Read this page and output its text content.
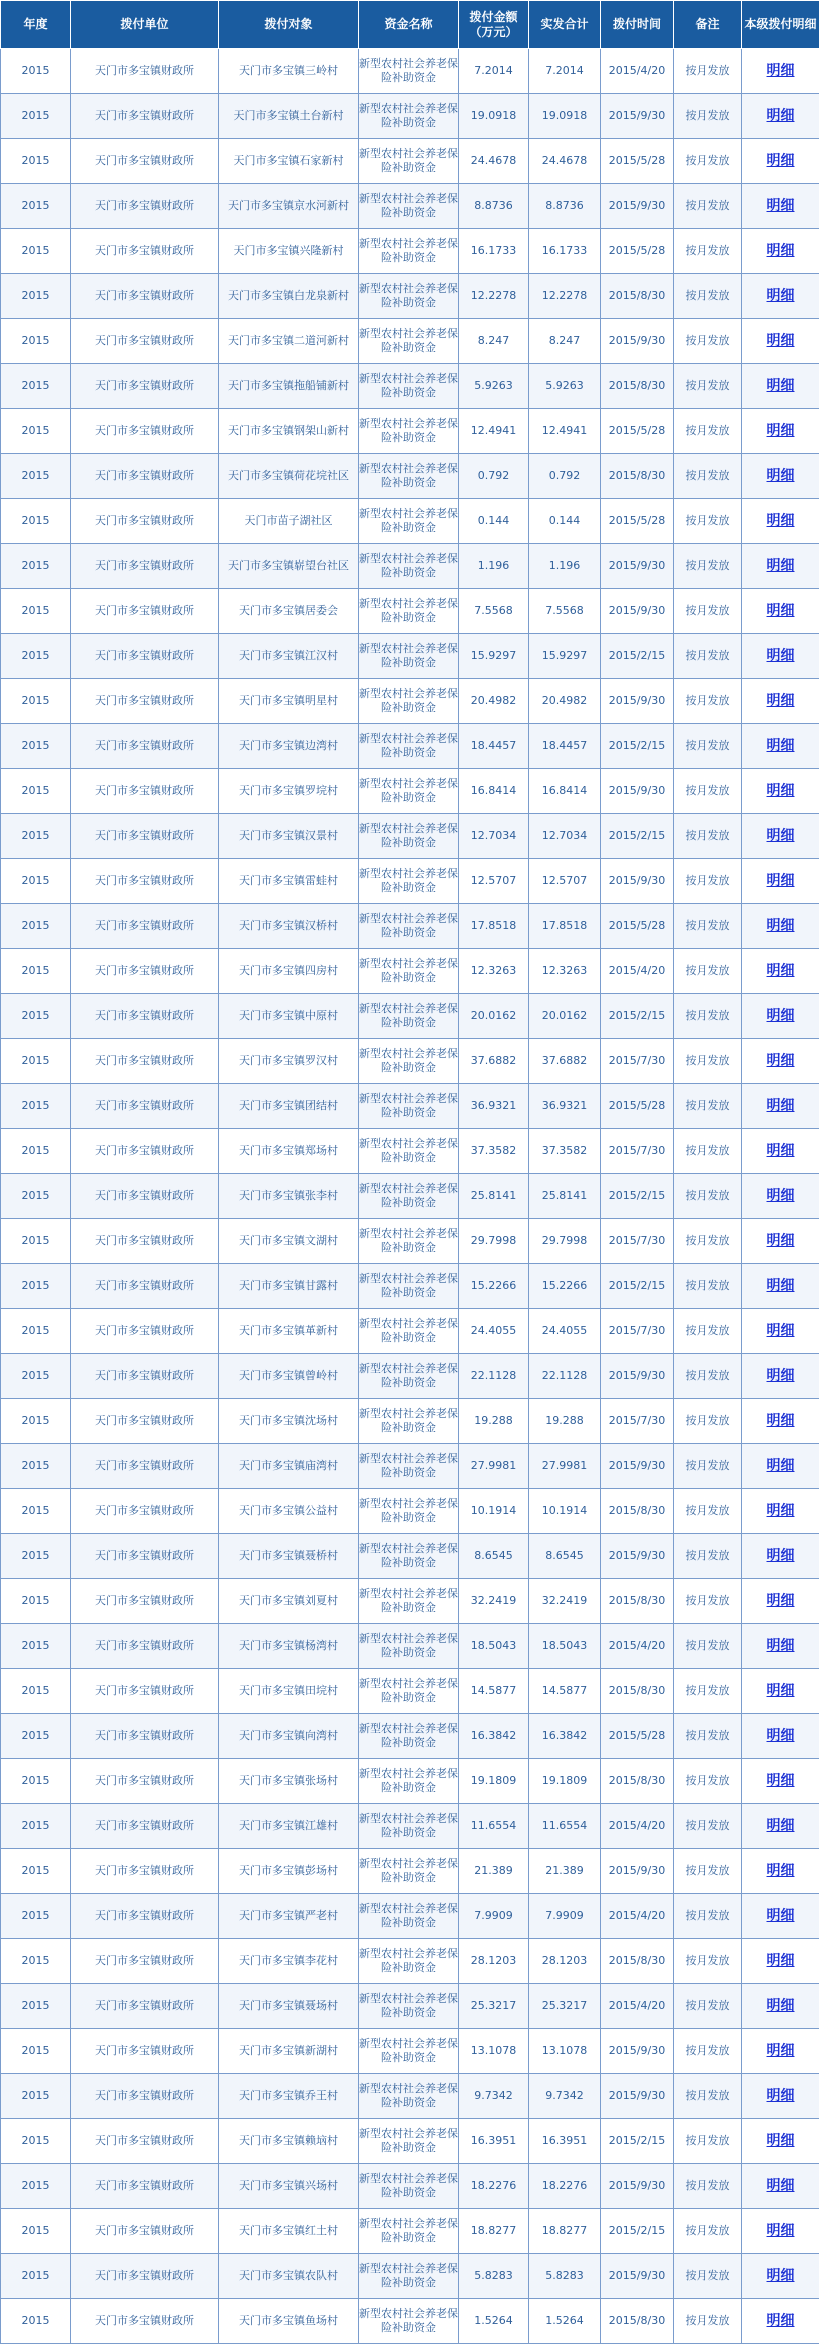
年度	拨付单位	拨付对象	资金名称	拨付金额（万元）	实发合计	拨付时间	备注	本级拨付明细
2015	天门市多宝镇财政所	天门市多宝镇三岭村	新型农村社会养老保险补助资金	7.2014	7.2014	2015/4/20	按月发放	明细
2015	天门市多宝镇财政所	天门市多宝镇土台新村	新型农村社会养老保险补助资金	19.0918	19.0918	2015/9/30	按月发放	明细
2015	天门市多宝镇财政所	天门市多宝镇石家新村	新型农村社会养老保险补助资金	24.4678	24.4678	2015/5/28	按月发放	明细
2015	天门市多宝镇财政所	天门市多宝镇京水河新村	新型农村社会养老保险补助资金	8.8736	8.8736	2015/9/30	按月发放	明细
2015	天门市多宝镇财政所	天门市多宝镇兴隆新村	新型农村社会养老保险补助资金	16.1733	16.1733	2015/5/28	按月发放	明细
2015	天门市多宝镇财政所	天门市多宝镇白龙泉新村	新型农村社会养老保险补助资金	12.2278	12.2278	2015/8/30	按月发放	明细
2015	天门市多宝镇财政所	天门市多宝镇二道河新村	新型农村社会养老保险补助资金	8.247	8.247	2015/9/30	按月发放	明细
2015	天门市多宝镇财政所	天门市多宝镇拖船铺新村	新型农村社会养老保险补助资金	5.9263	5.9263	2015/8/30	按月发放	明细
2015	天门市多宝镇财政所	天门市多宝镇钢架山新村	新型农村社会养老保险补助资金	12.4941	12.4941	2015/5/28	按月发放	明细
2015	天门市多宝镇财政所	天门市多宝镇荷花垸社区	新型农村社会养老保险补助资金	0.792	0.792	2015/8/30	按月发放	明细
2015	天门市多宝镇财政所	天门市苗子湖社区	新型农村社会养老保险补助资金	0.144	0.144	2015/5/28	按月发放	明细
2015	天门市多宝镇财政所	天门市多宝镇崭望台社区	新型农村社会养老保险补助资金	1.196	1.196	2015/9/30	按月发放	明细
2015	天门市多宝镇财政所	天门市多宝镇居委会	新型农村社会养老保险补助资金	7.5568	7.5568	2015/9/30	按月发放	明细
2015	天门市多宝镇财政所	天门市多宝镇江汉村	新型农村社会养老保险补助资金	15.9297	15.9297	2015/2/15	按月发放	明细
2015	天门市多宝镇财政所	天门市多宝镇明星村	新型农村社会养老保险补助资金	20.4982	20.4982	2015/9/30	按月发放	明细
2015	天门市多宝镇财政所	天门市多宝镇边湾村	新型农村社会养老保险补助资金	18.4457	18.4457	2015/2/15	按月发放	明细
2015	天门市多宝镇财政所	天门市多宝镇罗垸村	新型农村社会养老保险补助资金	16.8414	16.8414	2015/9/30	按月发放	明细
2015	天门市多宝镇财政所	天门市多宝镇汉景村	新型农村社会养老保险补助资金	12.7034	12.7034	2015/2/15	按月发放	明细
2015	天门市多宝镇财政所	天门市多宝镇雷蛙村	新型农村社会养老保险补助资金	12.5707	12.5707	2015/9/30	按月发放	明细
2015	天门市多宝镇财政所	天门市多宝镇汉桥村	新型农村社会养老保险补助资金	17.8518	17.8518	2015/5/28	按月发放	明细
2015	天门市多宝镇财政所	天门市多宝镇四房村	新型农村社会养老保险补助资金	12.3263	12.3263	2015/4/20	按月发放	明细
2015	天门市多宝镇财政所	天门市多宝镇中原村	新型农村社会养老保险补助资金	20.0162	20.0162	2015/2/15	按月发放	明细
2015	天门市多宝镇财政所	天门市多宝镇罗汉村	新型农村社会养老保险补助资金	37.6882	37.6882	2015/7/30	按月发放	明细
2015	天门市多宝镇财政所	天门市多宝镇团结村	新型农村社会养老保险补助资金	36.9321	36.9321	2015/5/28	按月发放	明细
2015	天门市多宝镇财政所	天门市多宝镇郑场村	新型农村社会养老保险补助资金	37.3582	37.3582	2015/7/30	按月发放	明细
2015	天门市多宝镇财政所	天门市多宝镇张李村	新型农村社会养老保险补助资金	25.8141	25.8141	2015/2/15	按月发放	明细
2015	天门市多宝镇财政所	天门市多宝镇文湖村	新型农村社会养老保险补助资金	29.7998	29.7998	2015/7/30	按月发放	明细
2015	天门市多宝镇财政所	天门市多宝镇甘露村	新型农村社会养老保险补助资金	15.2266	15.2266	2015/2/15	按月发放	明细
2015	天门市多宝镇财政所	天门市多宝镇革新村	新型农村社会养老保险补助资金	24.4055	24.4055	2015/7/30	按月发放	明细
2015	天门市多宝镇财政所	天门市多宝镇曾岭村	新型农村社会养老保险补助资金	22.1128	22.1128	2015/9/30	按月发放	明细
2015	天门市多宝镇财政所	天门市多宝镇沈场村	新型农村社会养老保险补助资金	19.288	19.288	2015/7/30	按月发放	明细
2015	天门市多宝镇财政所	天门市多宝镇庙湾村	新型农村社会养老保险补助资金	27.9981	27.9981	2015/9/30	按月发放	明细
2015	天门市多宝镇财政所	天门市多宝镇公益村	新型农村社会养老保险补助资金	10.1914	10.1914	2015/8/30	按月发放	明细
2015	天门市多宝镇财政所	天门市多宝镇聂桥村	新型农村社会养老保险补助资金	8.6545	8.6545	2015/9/30	按月发放	明细
2015	天门市多宝镇财政所	天门市多宝镇刘夏村	新型农村社会养老保险补助资金	32.2419	32.2419	2015/8/30	按月发放	明细
2015	天门市多宝镇财政所	天门市多宝镇杨湾村	新型农村社会养老保险补助资金	18.5043	18.5043	2015/4/20	按月发放	明细
2015	天门市多宝镇财政所	天门市多宝镇田垸村	新型农村社会养老保险补助资金	14.5877	14.5877	2015/8/30	按月发放	明细
2015	天门市多宝镇财政所	天门市多宝镇向湾村	新型农村社会养老保险补助资金	16.3842	16.3842	2015/5/28	按月发放	明细
2015	天门市多宝镇财政所	天门市多宝镇张场村	新型农村社会养老保险补助资金	19.1809	19.1809	2015/8/30	按月发放	明细
2015	天门市多宝镇财政所	天门市多宝镇江雄村	新型农村社会养老保险补助资金	11.6554	11.6554	2015/4/20	按月发放	明细
2015	天门市多宝镇财政所	天门市多宝镇彭场村	新型农村社会养老保险补助资金	21.389	21.389	2015/9/30	按月发放	明细
2015	天门市多宝镇财政所	天门市多宝镇严老村	新型农村社会养老保险补助资金	7.9909	7.9909	2015/4/20	按月发放	明细
2015	天门市多宝镇财政所	天门市多宝镇李花村	新型农村社会养老保险补助资金	28.1203	28.1203	2015/8/30	按月发放	明细
2015	天门市多宝镇财政所	天门市多宝镇聂场村	新型农村社会养老保险补助资金	25.3217	25.3217	2015/4/20	按月发放	明细
2015	天门市多宝镇财政所	天门市多宝镇新湖村	新型农村社会养老保险补助资金	13.1078	13.1078	2015/9/30	按月发放	明细
2015	天门市多宝镇财政所	天门市多宝镇乔王村	新型农村社会养老保险补助资金	9.7342	9.7342	2015/9/30	按月发放	明细
2015	天门市多宝镇财政所	天门市多宝镇赖垴村	新型农村社会养老保险补助资金	16.3951	16.3951	2015/2/15	按月发放	明细
2015	天门市多宝镇财政所	天门市多宝镇兴场村	新型农村社会养老保险补助资金	18.2276	18.2276	2015/9/30	按月发放	明细
2015	天门市多宝镇财政所	天门市多宝镇红土村	新型农村社会养老保险补助资金	18.8277	18.8277	2015/2/15	按月发放	明细
2015	天门市多宝镇财政所	天门市多宝镇农队村	新型农村社会养老保险补助资金	5.8283	5.8283	2015/9/30	按月发放	明细
2015	天门市多宝镇财政所	天门市多宝镇鱼场村	新型农村社会养老保险补助资金	1.5264	1.5264	2015/8/30	按月发放	明细
